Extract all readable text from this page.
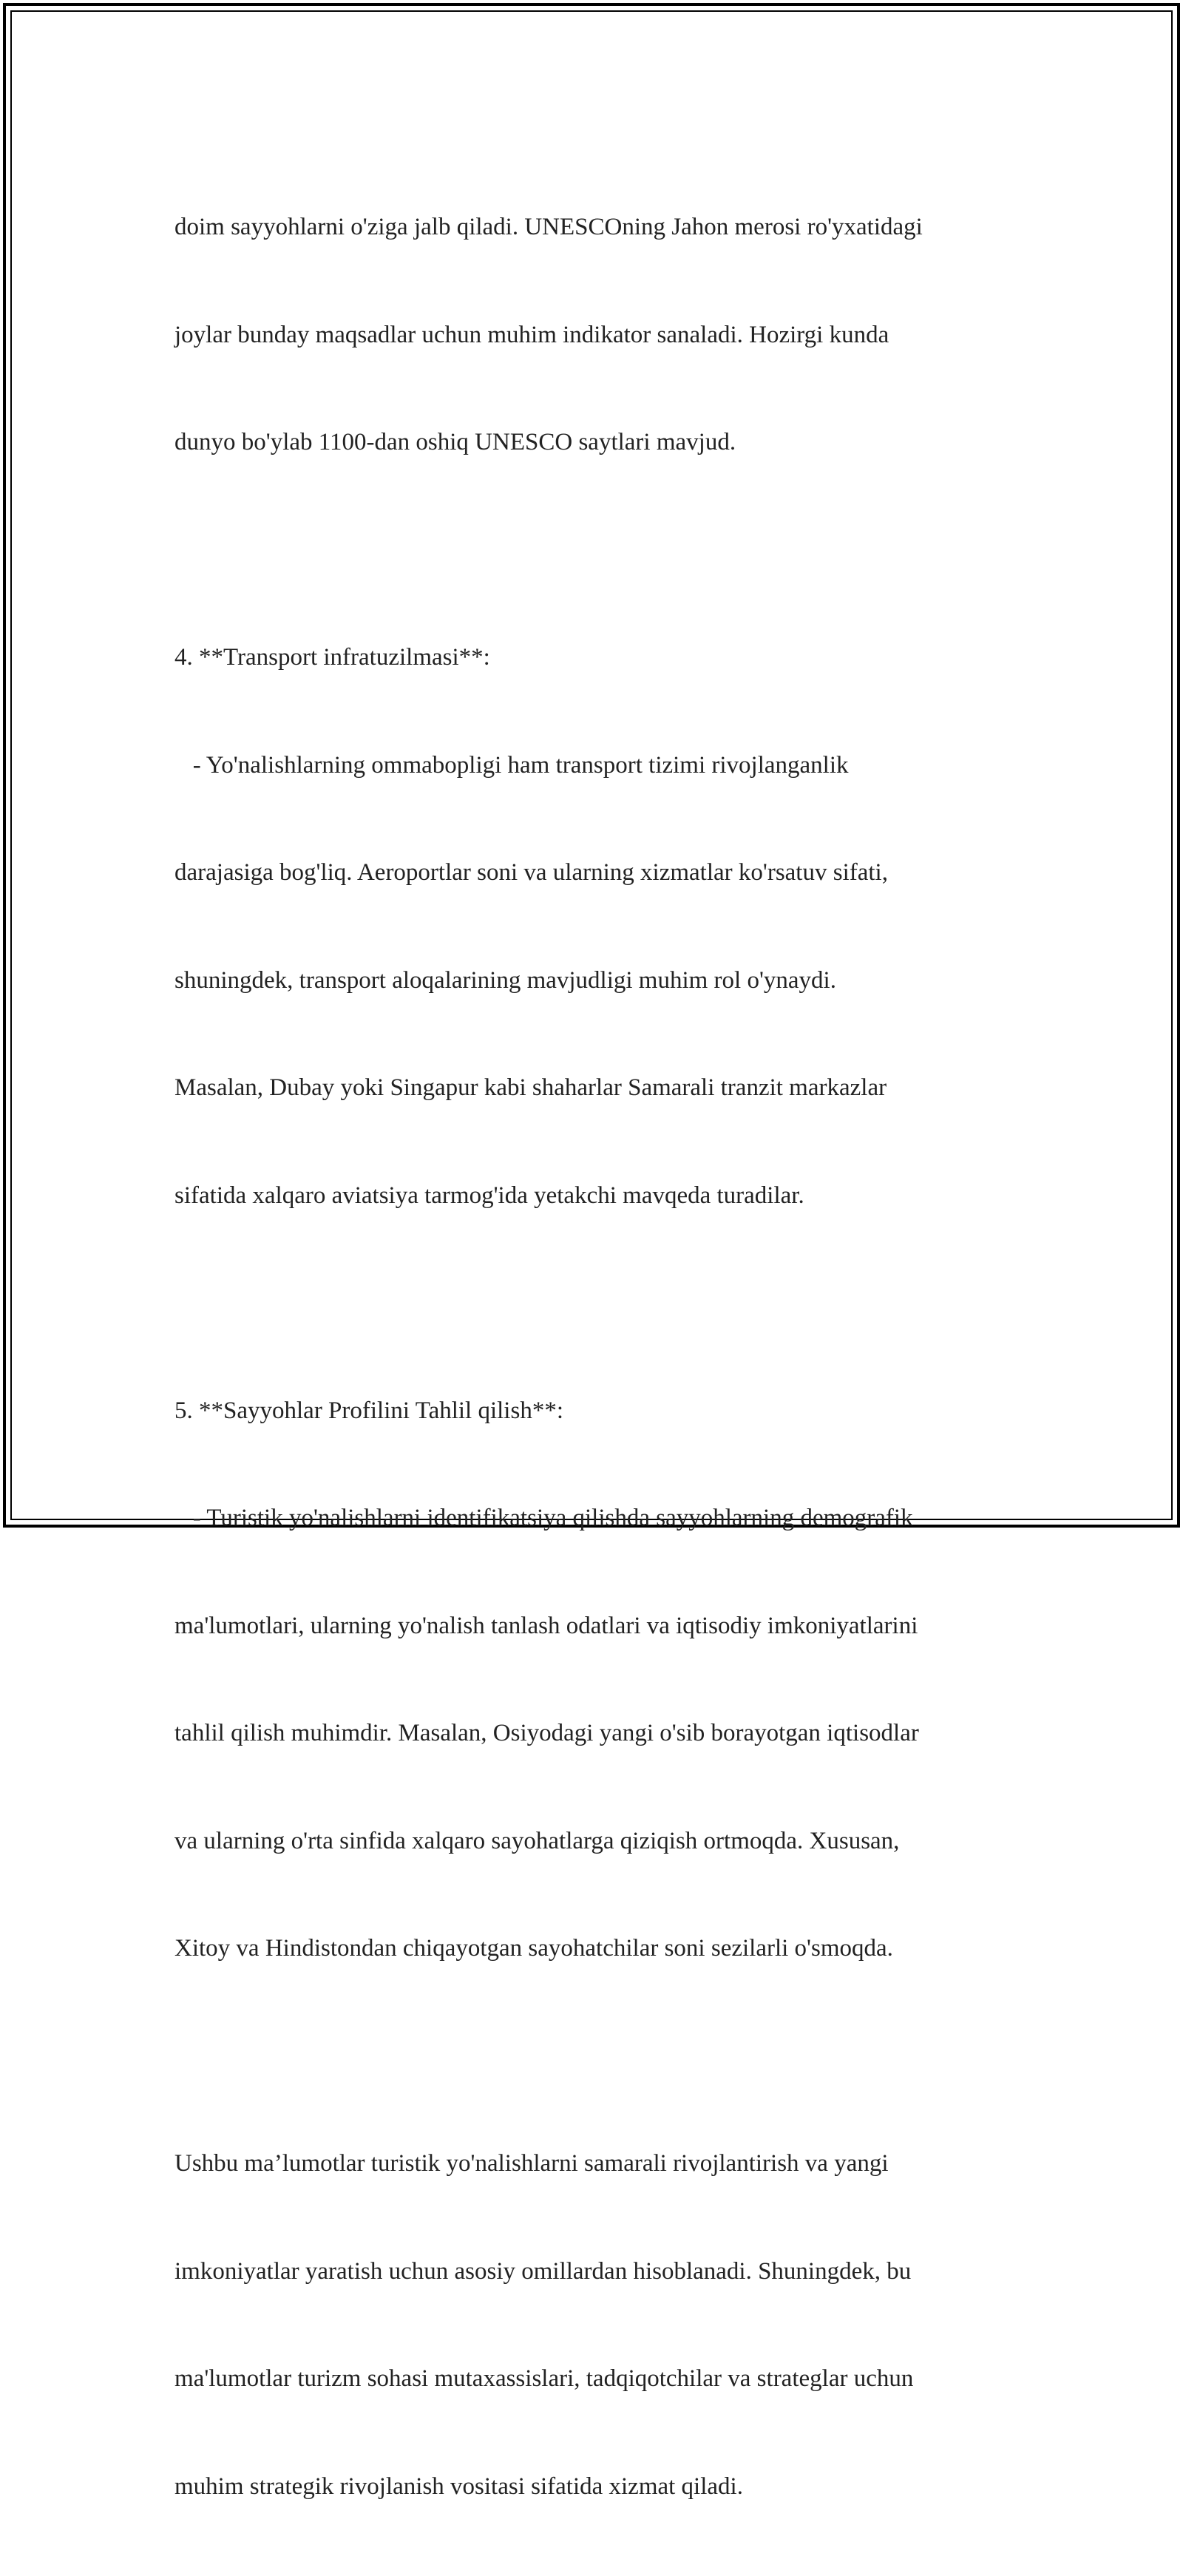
doim sayyohlarni o'ziga jalb qiladi. UNESCOning Jahon merosi ro'yxatidagi

joylar bunday maqsadlar uchun muhim indikator sanaladi. Hozirgi kunda

dunyo bo'ylab 1100-dan oshiq UNESCO saytlari mavjud.

4. **Transport infratuzilmasi**:

- Yo'nalishlarning ommabopligi ham transport tizimi rivojlanganlik

darajasiga bog'liq. Aeroportlar soni va ularning xizmatlar ko'rsatuv sifati,

shuningdek, transport aloqalarining mavjudligi muhim rol o'ynaydi.

Masalan, Dubay yoki Singapur kabi shaharlar Samarali tranzit markazlar

sifatida xalqaro aviatsiya tarmog'ida yetakchi mavqeda turadilar.

5. **Sayyohlar Profilini Tahlil qilish**:

- Turistik yo'nalishlarni identifikatsiya qilishda sayyohlarning demografik

ma'lumotlari, ularning yo'nalish tanlash odatlari va iqtisodiy imkoniyatlarini

tahlil qilish muhimdir. Masalan, Osiyodagi yangi o'sib borayotgan iqtisodlar

va ularning o'rta sinfida xalqaro sayohatlarga qiziqish ortmoqda. Xususan,

Xitoy va Hindistondan chiqayotgan sayohatchilar soni sezilarli o'smoqda.

Ushbu ma’lumotlar turistik yo'nalishlarni samarali rivojlantirish va yangi

imkoniyatlar yaratish uchun asosiy omillardan hisoblanadi. Shuningdek, bu

ma'lumotlar turizm sohasi mutaxassislari, tadqiqotchilar va strateglar uchun

muhim strategik rivojlanish vositasi sifatida xizmat qiladi.
